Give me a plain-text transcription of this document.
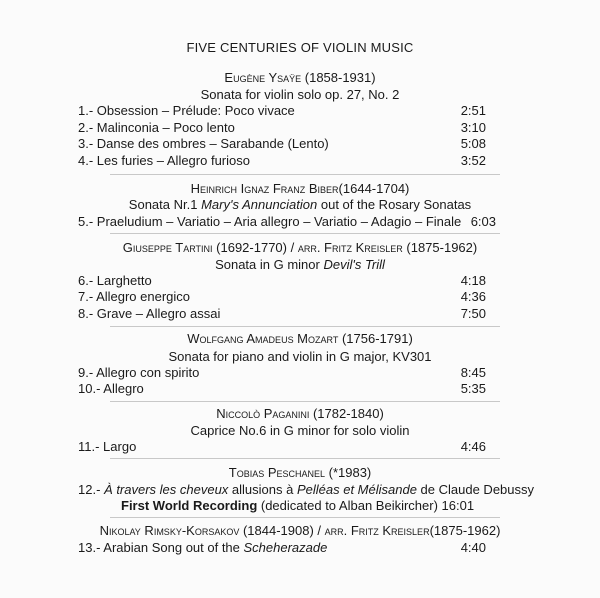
FIVE CENTURIES OF VIOLIN MUSIC
Eugène Ysaÿe (1858-1931)
Sonata for violin solo op. 27, No. 2
1.- Obsession – Prélude: Poco vivace	2:51
2.- Malinconia – Poco lento	3:10
3.- Danse des ombres – Sarabande (Lento)	5:08
4.- Les furies – Allegro furioso	3:52
Heinrich Ignaz Franz Biber(1644-1704)
Sonata Nr.1 Mary's Annunciation out of the Rosary Sonatas
5.- Praeludium – Variatio – Aria allegro – Variatio – Adagio – Finale 6:03
Giuseppe Tartini (1692-1770) / arr. Fritz Kreisler (1875-1962)
Sonata in G minor Devil's Trill
6.- Larghetto	4:18
7.- Allegro energico	4:36
8.- Grave – Allegro assai	7:50
Wolfgang Amadeus Mozart (1756-1791)
Sonata for piano and violin in G major, KV301
9.- Allegro con spirito	8:45
10.- Allegro	5:35
Niccolò Paganini (1782-1840)
Caprice No.6 in G minor for solo violin
11.- Largo	4:46
Tobias Peschanel (*1983)
12.- À travers les cheveux allusions à Pelléas et Mélisande de Claude Debussy
First World Recording (dedicated to Alban Beikircher) 16:01
Nikolay Rimsky-Korsakov (1844-1908) / arr. Fritz Kreisler(1875-1962)
13.- Arabian Song out of the Scheherazade	4:40
